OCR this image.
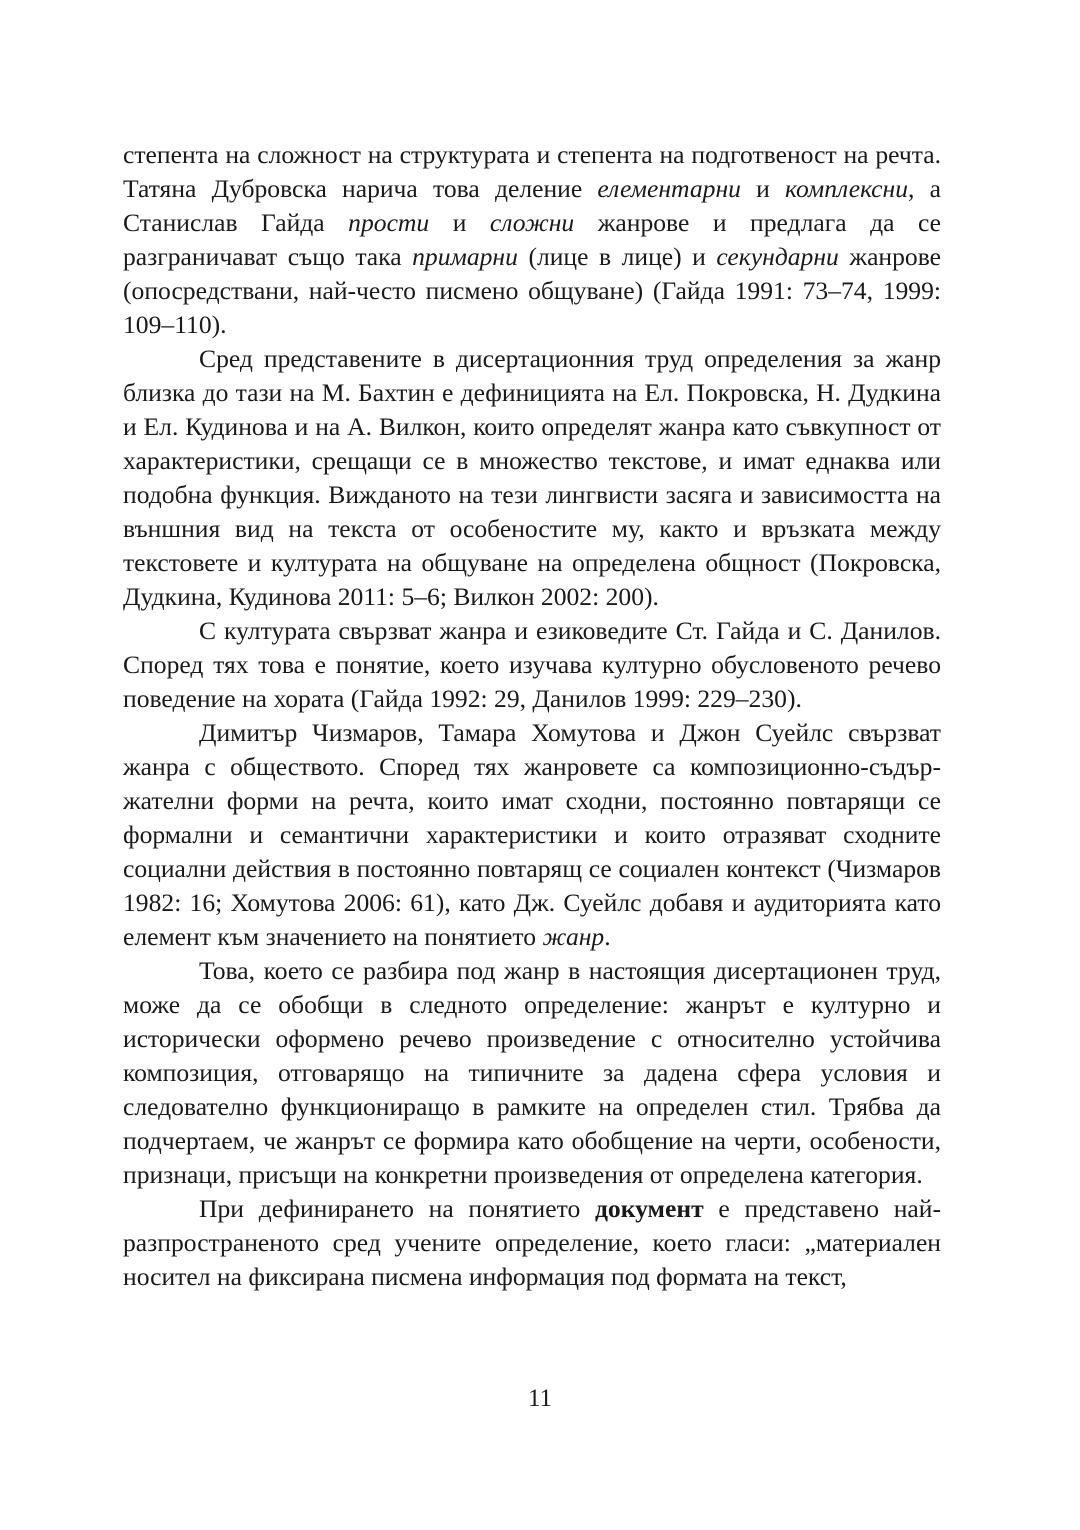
степента на сложност на структурата и степента на подготвеност на речта. Татяна Дубровска нарича това деление елементарни и комплексни, а Станислав Гайда прости и сложни жанрове и предлага да се разграничават също така примарни (лице в лице) и секундарни жанрове (опосредствани, най-често писмено общуване) (Гайда 1991: 73–74, 1999: 109–110).

Сред представените в дисертационния труд определения за жанр близка до тази на М. Бахтин е дефиницията на Ел. Покровска, Н. Дудкина и Ел. Кудинова и на А. Вилкон, които определят жанра като съвкупност от характеристики, срещащи се в множество текстове, и имат еднаква или подобна функция. Вижданото на тези лингвисти засяга и зависимостта на външния вид на текста от особеностите му, както и връзката между текстовете и културата на общуване на определена общност (Покровска, Дудкина, Кудинова 2011: 5–6; Вилкон 2002: 200).

С културата свързват жанра и езиковедите Ст. Гайда и С. Данилов. Според тях това е понятие, което изучава културно обусловеното речево поведение на хората (Гайда 1992: 29, Данилов 1999: 229–230).

Димитър Чизмаров, Тамара Хомутова и Джон Суейлс свързват жанра с обществото. Според тях жанровете са композиционно-съдържателни форми на речта, които имат сходни, постоянно повтарящи се формални и семантични характеристики и които отразяват сходните социални действия в постоянно повтарящ се социален контекст (Чизмаров 1982: 16; Хомутова 2006: 61), като Дж. Суейлс добавя и аудиторията като елемент към значението на понятието жанр.

Това, което се разбира под жанр в настоящия дисертационен труд, може да се обобщи в следното определение: жанрът е културно и исторически оформено речево произведение с относително устойчива композиция, отговарящо на типичните за дадена сфера условия и следователно функциониращо в рамките на определен стил. Трябва да подчертаем, че жанрът се формира като обобщение на черти, особености, признаци, присъщи на конкретни произведения от определена категория.

При дефинирането на понятието документ е представено найразпространеното сред учените определение, което гласи: „материален носител на фиксирана писмена информация под формата на текст,

11
